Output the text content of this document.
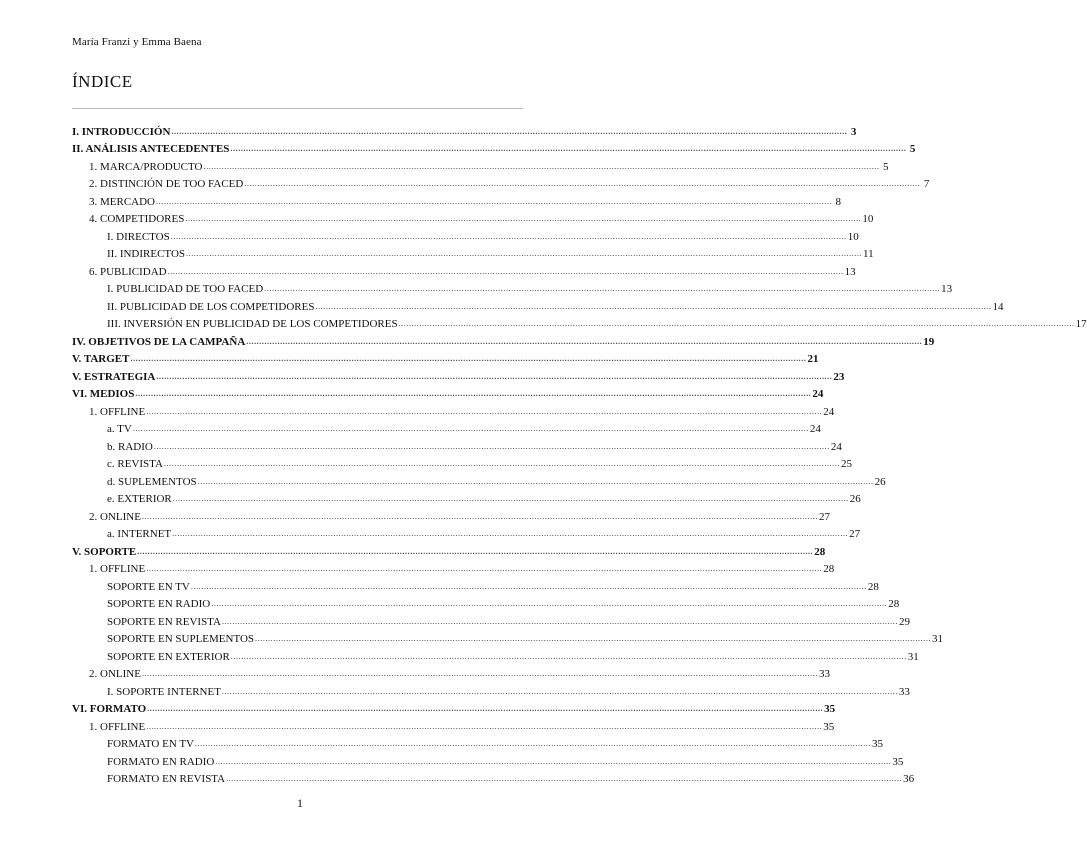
María Franzi y Emma Baena
ÍNDICE
I. INTRODUCCIÓN .................................................................................................................................................................................................................................................................... 3
II. ANÁLISIS ANTECEDENTES .................................................................................................................................................................................................................................................................... 5
1. MARCA/PRODUCTO .................................................................................................................................................................................................................................................................... 5
2. DISTINCIÓN DE TOO FACED .................................................................................................................................................................................................................................................................... 7
3. MERCADO .................................................................................................................................................................................................................................................................... 8
4. COMPETIDORES .................................................................................................................................................................................................................................................................... 10
I. DIRECTOS .................................................................................................................................................................................................................................................................... 10
II. INDIRECTOS .................................................................................................................................................................................................................................................................... 11
6. PUBLICIDAD .................................................................................................................................................................................................................................................................... 13
I. PUBLICIDAD DE TOO FACED .................................................................................................................................................................................................................................................................... 13
II. PUBLICIDAD DE LOS COMPETIDORES .................................................................................................................................................................................................................................................................... 14
III. INVERSIÓN EN PUBLICIDAD DE LOS COMPETIDORES .................................................................................................................................................................................................................................................................... 17
IV. OBJETIVOS DE LA CAMPAÑA .................................................................................................................................................................................................................................................................... 19
V. TARGET .................................................................................................................................................................................................................................................................... 21
V. ESTRATEGIA .................................................................................................................................................................................................................................................................... 23
VI. MEDIOS .................................................................................................................................................................................................................................................................... 24
1. OFFLINE .................................................................................................................................................................................................................................................................... 24
a. TV .................................................................................................................................................................................................................................................................... 24
b. RADIO .................................................................................................................................................................................................................................................................... 24
c. REVISTA .................................................................................................................................................................................................................................................................... 25
d. SUPLEMENTOS .................................................................................................................................................................................................................................................................... 26
e. EXTERIOR .................................................................................................................................................................................................................................................................... 26
2. ONLINE .................................................................................................................................................................................................................................................................... 27
a. INTERNET .................................................................................................................................................................................................................................................................... 27
V. SOPORTE .................................................................................................................................................................................................................................................................... 28
1. OFFLINE .................................................................................................................................................................................................................................................................... 28
SOPORTE EN TV .................................................................................................................................................................................................................................................................... 28
SOPORTE EN RADIO .................................................................................................................................................................................................................................................................... 28
SOPORTE EN REVISTA .................................................................................................................................................................................................................................................................... 29
SOPORTE EN SUPLEMENTOS .................................................................................................................................................................................................................................................................... 31
SOPORTE EN EXTERIOR .................................................................................................................................................................................................................................................................... 31
2. ONLINE .................................................................................................................................................................................................................................................................... 33
I. SOPORTE INTERNET .................................................................................................................................................................................................................................................................... 33
VI. FORMATO .................................................................................................................................................................................................................................................................... 35
1. OFFLINE .................................................................................................................................................................................................................................................................... 35
FORMATO EN TV .................................................................................................................................................................................................................................................................... 35
FORMATO EN RADIO .................................................................................................................................................................................................................................................................... 35
FORMATO EN REVISTA .................................................................................................................................................................................................................................................................... 36
1
